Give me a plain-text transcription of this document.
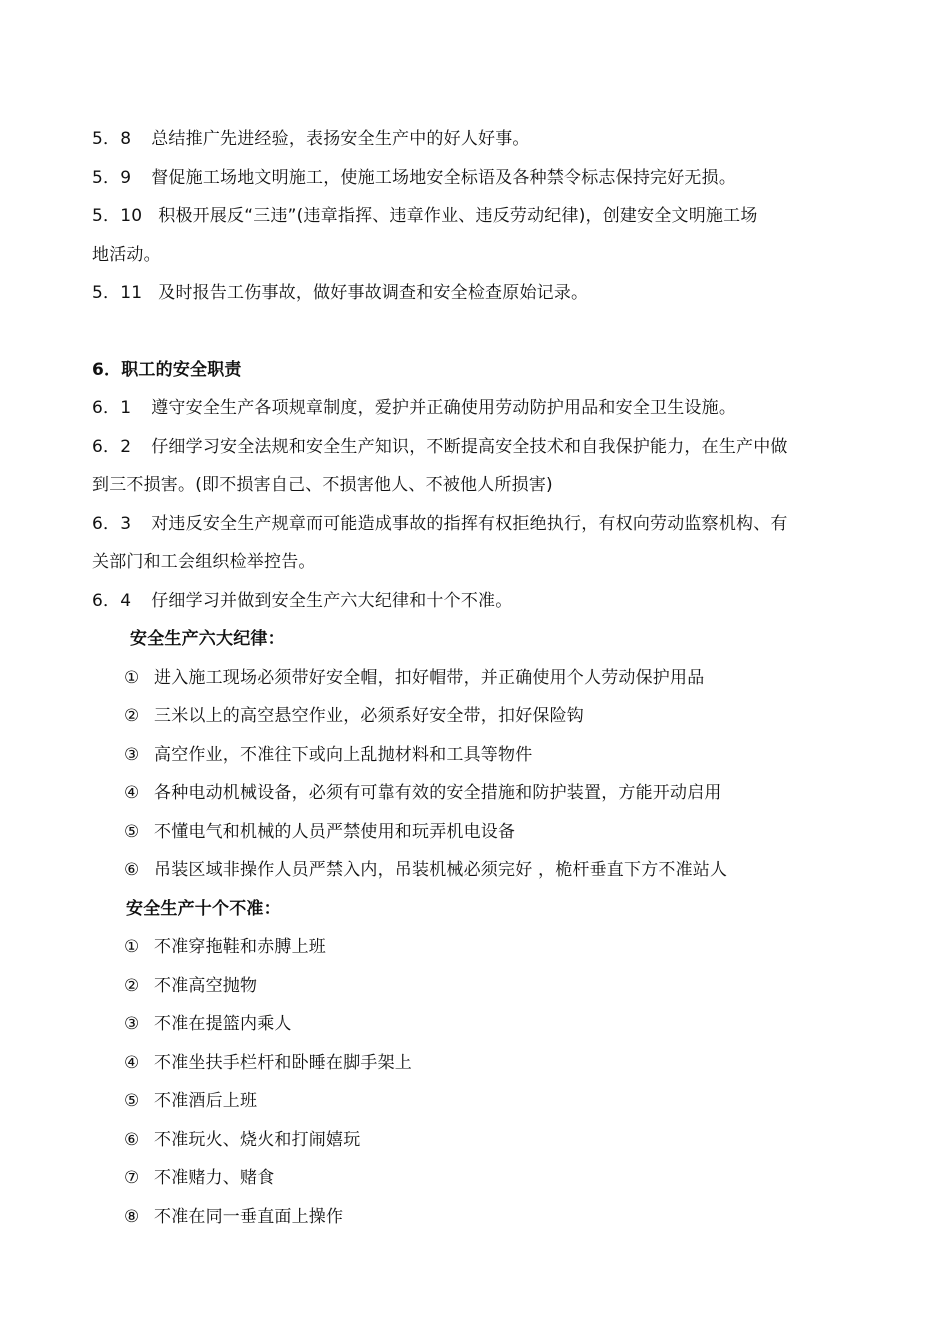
5．8 总结推广先进经验，表扬安全生产中的好人好事。
5．9 督促施工场地文明施工，使施工场地安全标语及各种禁令标志保持完好无损。
5．10 积极开展反“三违”(违章指挥、违章作业、违反劳动纪律)，创建安全文明施工场
地活动。
5．11 及时报告工伤事故，做好事故调查和安全检查原始记录。
6．职工的安全职责
6．1 遵守安全生产各项规章制度，爱护并正确使用劳动防护用品和安全卫生设施。
6．2 仔细学习安全法规和安全生产知识，不断提高安全技术和自我保护能力，在生产中做
到三不损害。(即不损害自己、不损害他人、不被他人所损害)
6．3 对违反安全生产规章而可能造成事故的指挥有权拒绝执行，有权向劳动监察机构、有
关部门和工会组织检举控告。
6．4 仔细学习并做到安全生产六大纪律和十个不准。
安全生产六大纪律：
① 进入施工现场必须带好安全帽，扣好帽带，并正确使用个人劳动保护用品
② 三米以上的高空悬空作业，必须系好安全带，扣好保险钩
③ 高空作业，不准往下或向上乱抛材料和工具等物件
④ 各种电动机械设备，必须有可靠有效的安全措施和防护装置，方能开动启用
⑤ 不懂电气和机械的人员严禁使用和玩弄机电设备
⑥ 吊装区域非操作人员严禁入内，吊装机械必须完好 ，桅杆垂直下方不准站人
安全生产十个不准：
① 不准穿拖鞋和赤膊上班
② 不准高空抛物
③ 不准在提篮内乘人
④ 不准坐扶手栏杆和卧睡在脚手架上
⑤ 不准酒后上班
⑥ 不准玩火、烧火和打闹嬉玩
⑦ 不准赌力、赌食
⑧ 不准在同一垂直面上操作
